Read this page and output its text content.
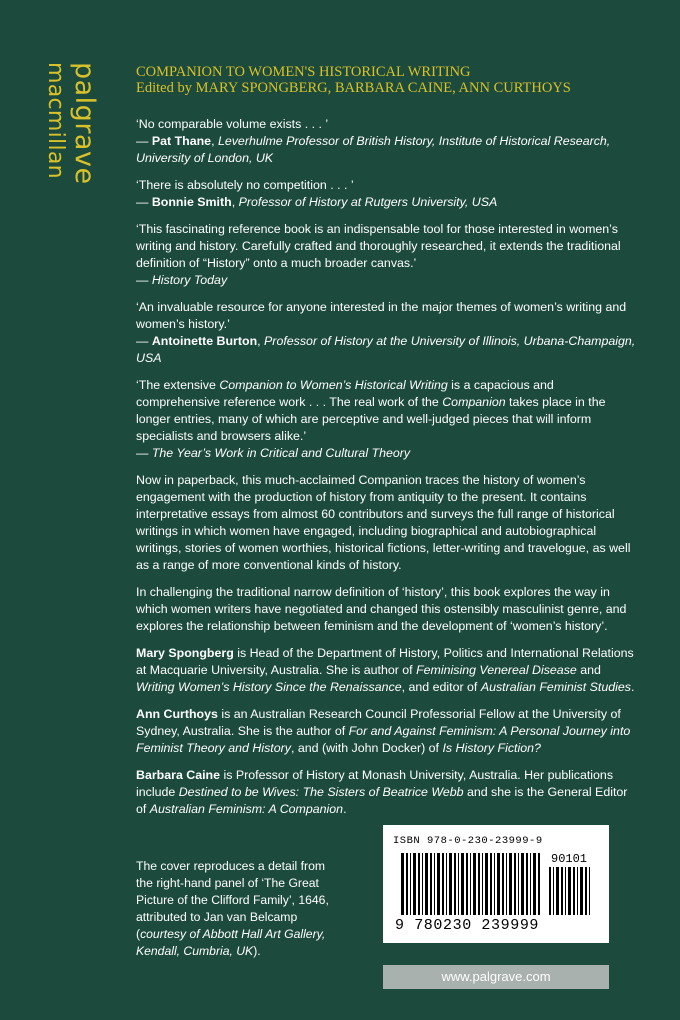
palgrave
macmillan	COMPANION TO WOMEN'S HISTORICAL WRITING
Edited by MARY SPONGBERG, BARBARA CAINE, ANN CURTHOYS
‘No comparable volume exists . . . ’
— Pat Thane, Leverhulme Professor of British History, Institute of Historical Research, University of London, UK
‘There is absolutely no competition . . . ’
— Bonnie Smith, Professor of History at Rutgers University, USA
‘This fascinating reference book is an indispensable tool for those interested in women’s writing and history. Carefully crafted and thoroughly researched, it extends the traditional definition of “History” onto a much broader canvas.’
— History Today
‘An invaluable resource for anyone interested in the major themes of women’s writing and women’s history.’
— Antoinette Burton, Professor of History at the University of Illinois, Urbana-Champaign, USA
‘The extensive Companion to Women’s Historical Writing is a capacious and comprehensive reference work . . . The real work of the Companion takes place in the longer entries, many of which are perceptive and well-judged pieces that will inform specialists and browsers alike.’
— The Year’s Work in Critical and Cultural Theory

Now in paperback, this much-acclaimed Companion traces the history of women’s engagement with the production of history from antiquity to the present. It contains interpretative essays from almost 60 contributors and surveys the full range of historical writings in which women have engaged, including biographical and autobiographical writings, stories of women worthies, historical fictions, letter-writing and travelogue, as well as a range of more conventional kinds of history.

In challenging the traditional narrow definition of ‘history’, this book explores the way in which women writers have negotiated and changed this ostensibly masculinist genre, and explores the relationship between feminism and the development of ‘women’s history’.

Mary Spongberg is Head of the Department of History, Politics and International Relations at Macquarie University, Australia. She is author of Feminising Venereal Disease and Writing Women’s History Since the Renaissance, and editor of Australian Feminist Studies.

Ann Curthoys is an Australian Research Council Professorial Fellow at the University of Sydney, Australia. She is the author of For and Against Feminism: A Personal Journey into Feminist Theory and History, and (with John Docker) of Is History Fiction?

Barbara Caine is Professor of History at Monash University, Australia. Her publications include Destined to be Wives: The Sisters of Beatrice Webb and she is the General Editor of Australian Feminism: A Companion.

The cover reproduces a detail from the right-hand panel of ‘The Great Picture of the Clifford Family’, 1646, attributed to Jan van Belcamp (courtesy of Abbott Hall Art Gallery, Kendall, Cumbria, UK).
ISBN 978-0-230-23999-9
90101
9 780230 239999
www.palgrave.com
